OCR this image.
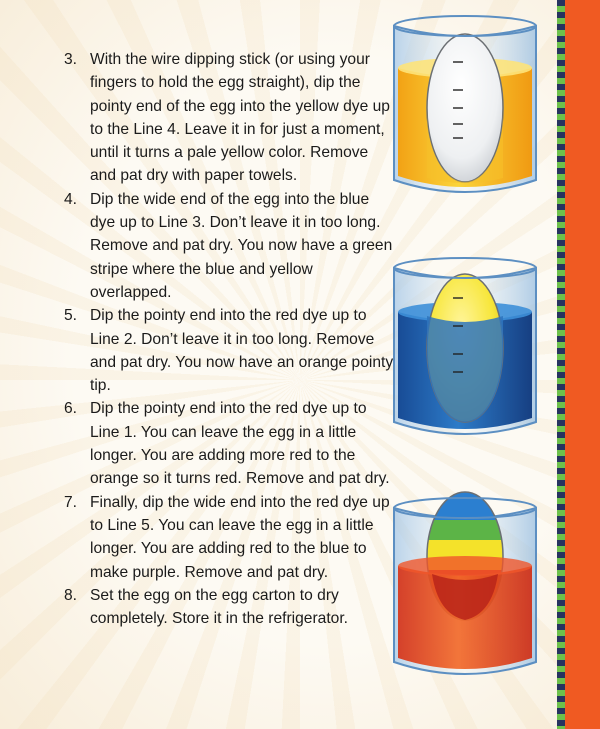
3. With the wire dipping stick (or using your fingers to hold the egg straight), dip the pointy end of the egg into the yellow dye up to the Line 4. Leave it in for just a moment, until it turns a pale yellow color. Remove and pat dry with paper towels.
4. Dip the wide end of the egg into the blue dye up to Line 3. Don’t leave it in too long. Remove and pat dry. You now have a green stripe where the blue and yellow overlapped.
5. Dip the pointy end into the red dye up to Line 2. Don’t leave it in too long. Remove and pat dry. You now have an orange pointy tip.
6. Dip the pointy end into the red dye up to Line 1. You can leave the egg in a little longer. You are adding more red to the orange so it turns red. Remove and pat dry.
7. Finally, dip the wide end into the red dye up to Line 5. You can leave the egg in a little longer. You are adding red to the blue to make purple. Remove and pat dry.
8. Set the egg on the egg carton to dry completely. Store it in the refrigerator.
